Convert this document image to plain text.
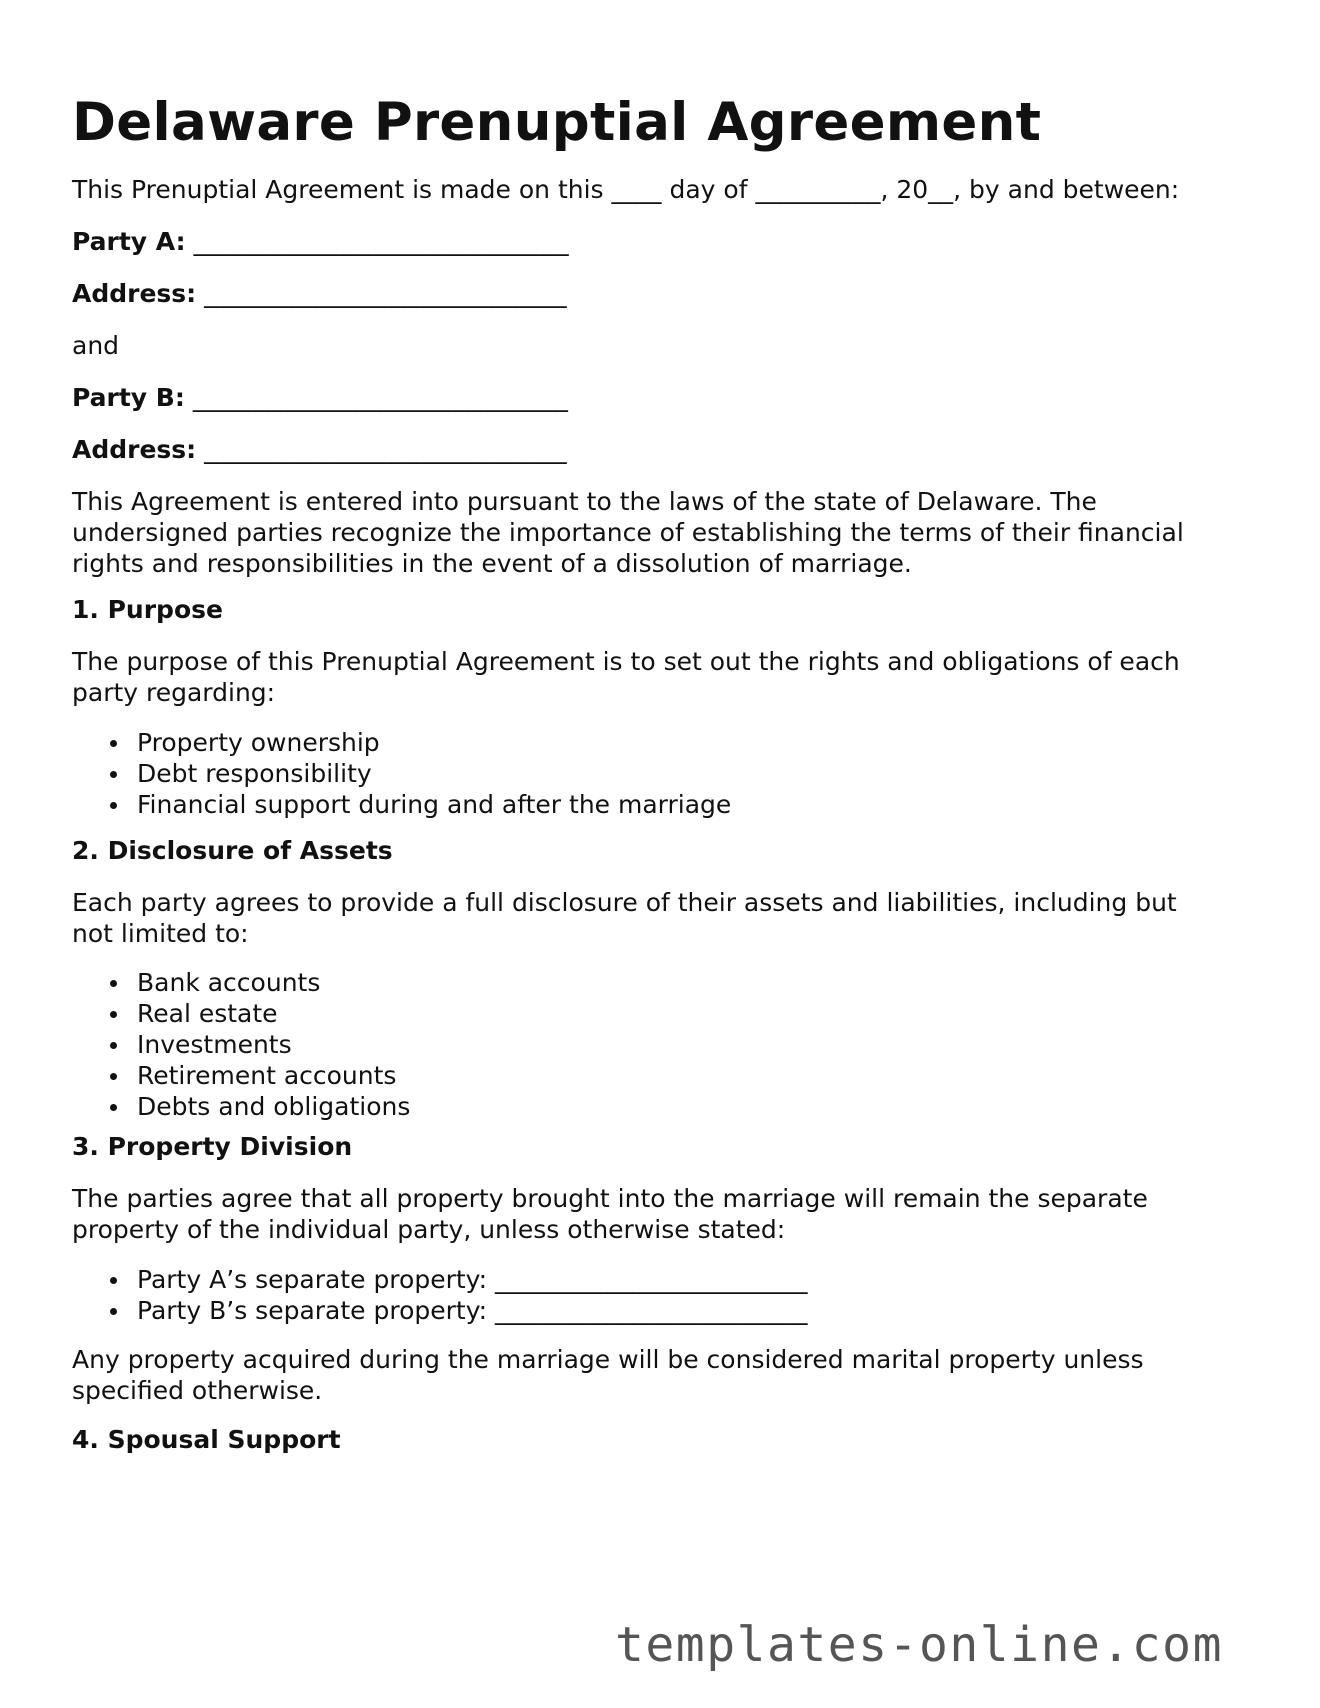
Delaware Prenuptial Agreement

This Prenuptial Agreement is made on this ____ day of __________, 20__, by and between:

Party A: ______________________________

Address: _____________________________

and

Party B: ______________________________

Address: _____________________________

This Agreement is entered into pursuant to the laws of the state of Delaware. The
undersigned parties recognize the importance of establishing the terms of their financial
rights and responsibilities in the event of a dissolution of marriage.

1. Purpose

The purpose of this Prenuptial Agreement is to set out the rights and obligations of each
party regarding:
Property ownership
Debt responsibility
Financial support during and after the marriage

2. Disclosure of Assets

Each party agrees to provide a full disclosure of their assets and liabilities, including but
not limited to:
Bank accounts
Real estate
Investments
Retirement accounts
Debts and obligations

3. Property Division

The parties agree that all property brought into the marriage will remain the separate
property of the individual party, unless otherwise stated:
Party A’s separate property: _________________________
Party B’s separate property: _________________________
Any property acquired during the marriage will be considered marital property unless
specified otherwise.

4. Spousal Support

templates-online.com
